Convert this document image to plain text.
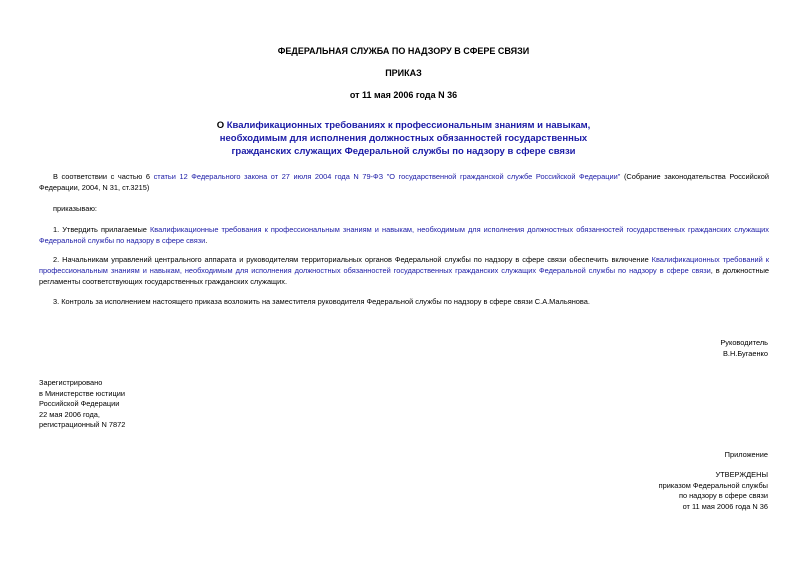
ФЕДЕРАЛЬНАЯ СЛУЖБА ПО НАДЗОРУ В СФЕРЕ СВЯЗИ
ПРИКАЗ
от 11 мая 2006 года N 36
О Квалификационных требованиях к профессиональным знаниям и навыкам, необходимым для исполнения должностных обязанностей государственных гражданских служащих Федеральной службы по надзору в сфере связи
В соответствии с частью 6 статьи 12 Федерального закона от 27 июля 2004 года N 79-ФЗ "О государственной гражданской службе Российской Федерации" (Собрание законодательства Российской Федерации, 2004, N 31, ст.3215)
приказываю:
1. Утвердить прилагаемые Квалификационные требования к профессиональным знаниям и навыкам, необходимым для исполнения должностных обязанностей государственных гражданских служащих Федеральной службы по надзору в сфере связи.
2. Начальникам управлений центрального аппарата и руководителям территориальных органов Федеральной службы по надзору в сфере связи обеспечить включение Квалификационных требований к профессиональным знаниям и навыкам, необходимым для исполнения должностных обязанностей государственных гражданских служащих Федеральной службы по надзору в сфере связи, в должностные регламенты соответствующих государственных гражданских служащих.
3. Контроль за исполнением настоящего приказа возложить на заместителя руководителя Федеральной службы по надзору в сфере связи С.А.Мальянова.
Руководитель
В.Н.Бугаенко
Зарегистрировано
в Министерстве юстиции
Российской Федерации
22 мая 2006 года,
регистрационный N 7872
Приложение
УТВЕРЖДЕНЫ
приказом Федеральной службы
по надзору в сфере связи
от 11 мая 2006 года N 36
